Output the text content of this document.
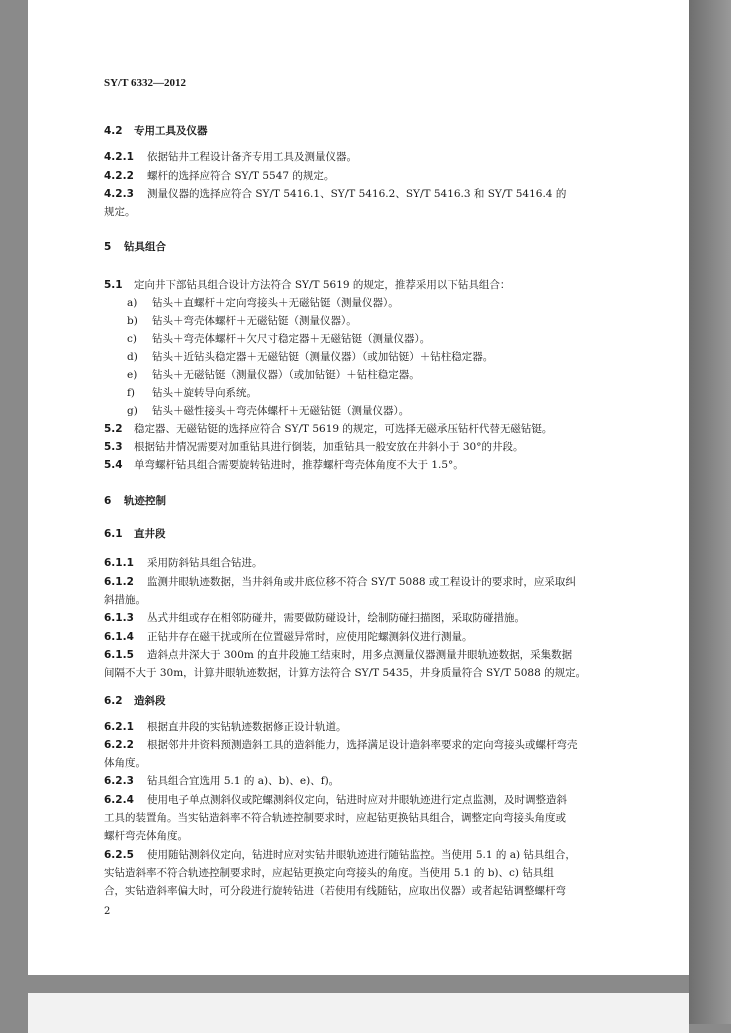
SY/T 6332—2012
4.2 专用工具及仪器
4.2.1 依据钻井工程设计备齐专用工具及测量仪器。
4.2.2 螺杆的选择应符合 SY/T 5547 的规定。
4.2.3 测量仪器的选择应符合 SY/T 5416.1、SY/T 5416.2、SY/T 5416.3 和 SY/T 5416.4 的
规定。
5 钻具组合
5.1 定向井下部钻具组合设计方法符合 SY/T 5619 的规定，推荐采用以下钻具组合：
a) 钻头＋直螺杆＋定向弯接头＋无磁钻铤（测量仪器）。
b) 钻头＋弯壳体螺杆＋无磁钻铤（测量仪器）。
c) 钻头＋弯壳体螺杆＋欠尺寸稳定器＋无磁钻铤（测量仪器）。
d) 钻头＋近钻头稳定器＋无磁钻铤（测量仪器）（或加钻铤）＋钻柱稳定器。
e) 钻头＋无磁钻铤（测量仪器）（或加钻铤）＋钻柱稳定器。
f) 钻头＋旋转导向系统。
g) 钻头＋磁性接头＋弯壳体螺杆＋无磁钻铤（测量仪器）。
5.2 稳定器、无磁钻铤的选择应符合 SY/T 5619 的规定，可选择无磁承压钻杆代替无磁钻铤。
5.3 根据钻井情况需要对加重钻具进行倒装，加重钻具一般安放在井斜小于 30°的井段。
5.4 单弯螺杆钻具组合需要旋转钻进时，推荐螺杆弯壳体角度不大于 1.5°。
6 轨迹控制
6.1 直井段
6.1.1 采用防斜钻具组合钻进。
6.1.2 监测井眼轨迹数据，当井斜角或井底位移不符合 SY/T 5088 或工程设计的要求时，应采取纠
斜措施。
6.1.3 丛式井组或存在相邻防碰井，需要做防碰设计，绘制防碰扫描图，采取防碰措施。
6.1.4 正钻井存在磁干扰或所在位置磁异常时，应使用陀螺测斜仪进行测量。
6.1.5 造斜点井深大于 300m 的直井段施工结束时，用多点测量仪器测量井眼轨迹数据，采集数据
间隔不大于 30m，计算井眼轨迹数据，计算方法符合 SY/T 5435，井身质量符合 SY/T 5088 的规定。
6.2 造斜段
6.2.1 根据直井段的实钻轨迹数据修正设计轨道。
6.2.2 根据邻井井资料预测造斜工具的造斜能力，选择满足设计造斜率要求的定向弯接头或螺杆弯壳
体角度。
6.2.3 钻具组合宜选用 5.1 的 a)、b)、e)、f)。
6.2.4 使用电子单点测斜仪或陀螺测斜仪定向，钻进时应对井眼轨迹进行定点监测，及时调整造斜
工具的装置角。当实钻造斜率不符合轨迹控制要求时，应起钻更换钻具组合，调整定向弯接头角度或
螺杆弯壳体角度。
6.2.5 使用随钻测斜仪定向，钻进时应对实钻井眼轨迹进行随钻监控。当使用 5.1 的 a) 钻具组合，
实钻造斜率不符合轨迹控制要求时，应起钻更换定向弯接头的角度。当使用 5.1 的 b)、c) 钻具组
合，实钻造斜率偏大时，可分段进行旋转钻进（若使用有线随钻，应取出仪器）或者起钻调整螺杆弯
2
